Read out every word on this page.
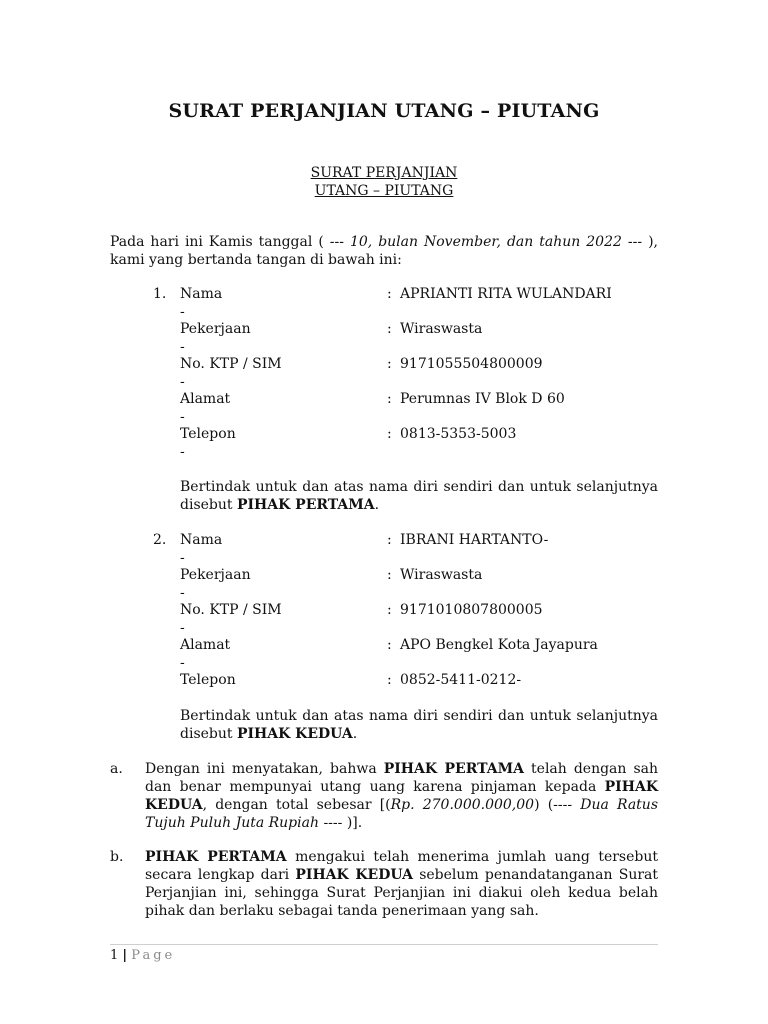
SURAT PERJANJIAN UTANG – PIUTANG
SURAT PERJANJIAN
UTANG – PIUTANG
Pada hari ini Kamis tanggal ( --- 10, bulan November, dan tahun 2022 --- ), kami yang bertanda tangan di bawah ini:
1. Nama	: APRIANTI RITA WULANDARI
-
Pekerjaan	: Wiraswasta
-
No. KTP / SIM	: 9171055504800009
-
Alamat	: Perumnas IV Blok D 60
-
Telepon	: 0813-5353-5003
-
Bertindak untuk dan atas nama diri sendiri dan untuk selanjutnya disebut PIHAK PERTAMA.
2. Nama	: IBRANI HARTANTO-
-
Pekerjaan	: Wiraswasta
-
No. KTP / SIM	: 9171010807800005
-
Alamat	: APO Bengkel Kota Jayapura
-
Telepon	: 0852-5411-0212-
Bertindak untuk dan atas nama diri sendiri dan untuk selanjutnya disebut PIHAK KEDUA.
a. Dengan ini menyatakan, bahwa PIHAK PERTAMA telah dengan sah dan benar mempunyai utang uang karena pinjaman kepada PIHAK KEDUA, dengan total sebesar [(Rp. 270.000.000,00) (---- Dua Ratus Tujuh Puluh Juta Rupiah ---- )].
b. PIHAK PERTAMA mengakui telah menerima jumlah uang tersebut secara lengkap dari PIHAK KEDUA sebelum penandatanganan Surat Perjanjian ini, sehingga Surat Perjanjian ini diakui oleh kedua belah pihak dan berlaku sebagai tanda penerimaan yang sah.
1 | Page
